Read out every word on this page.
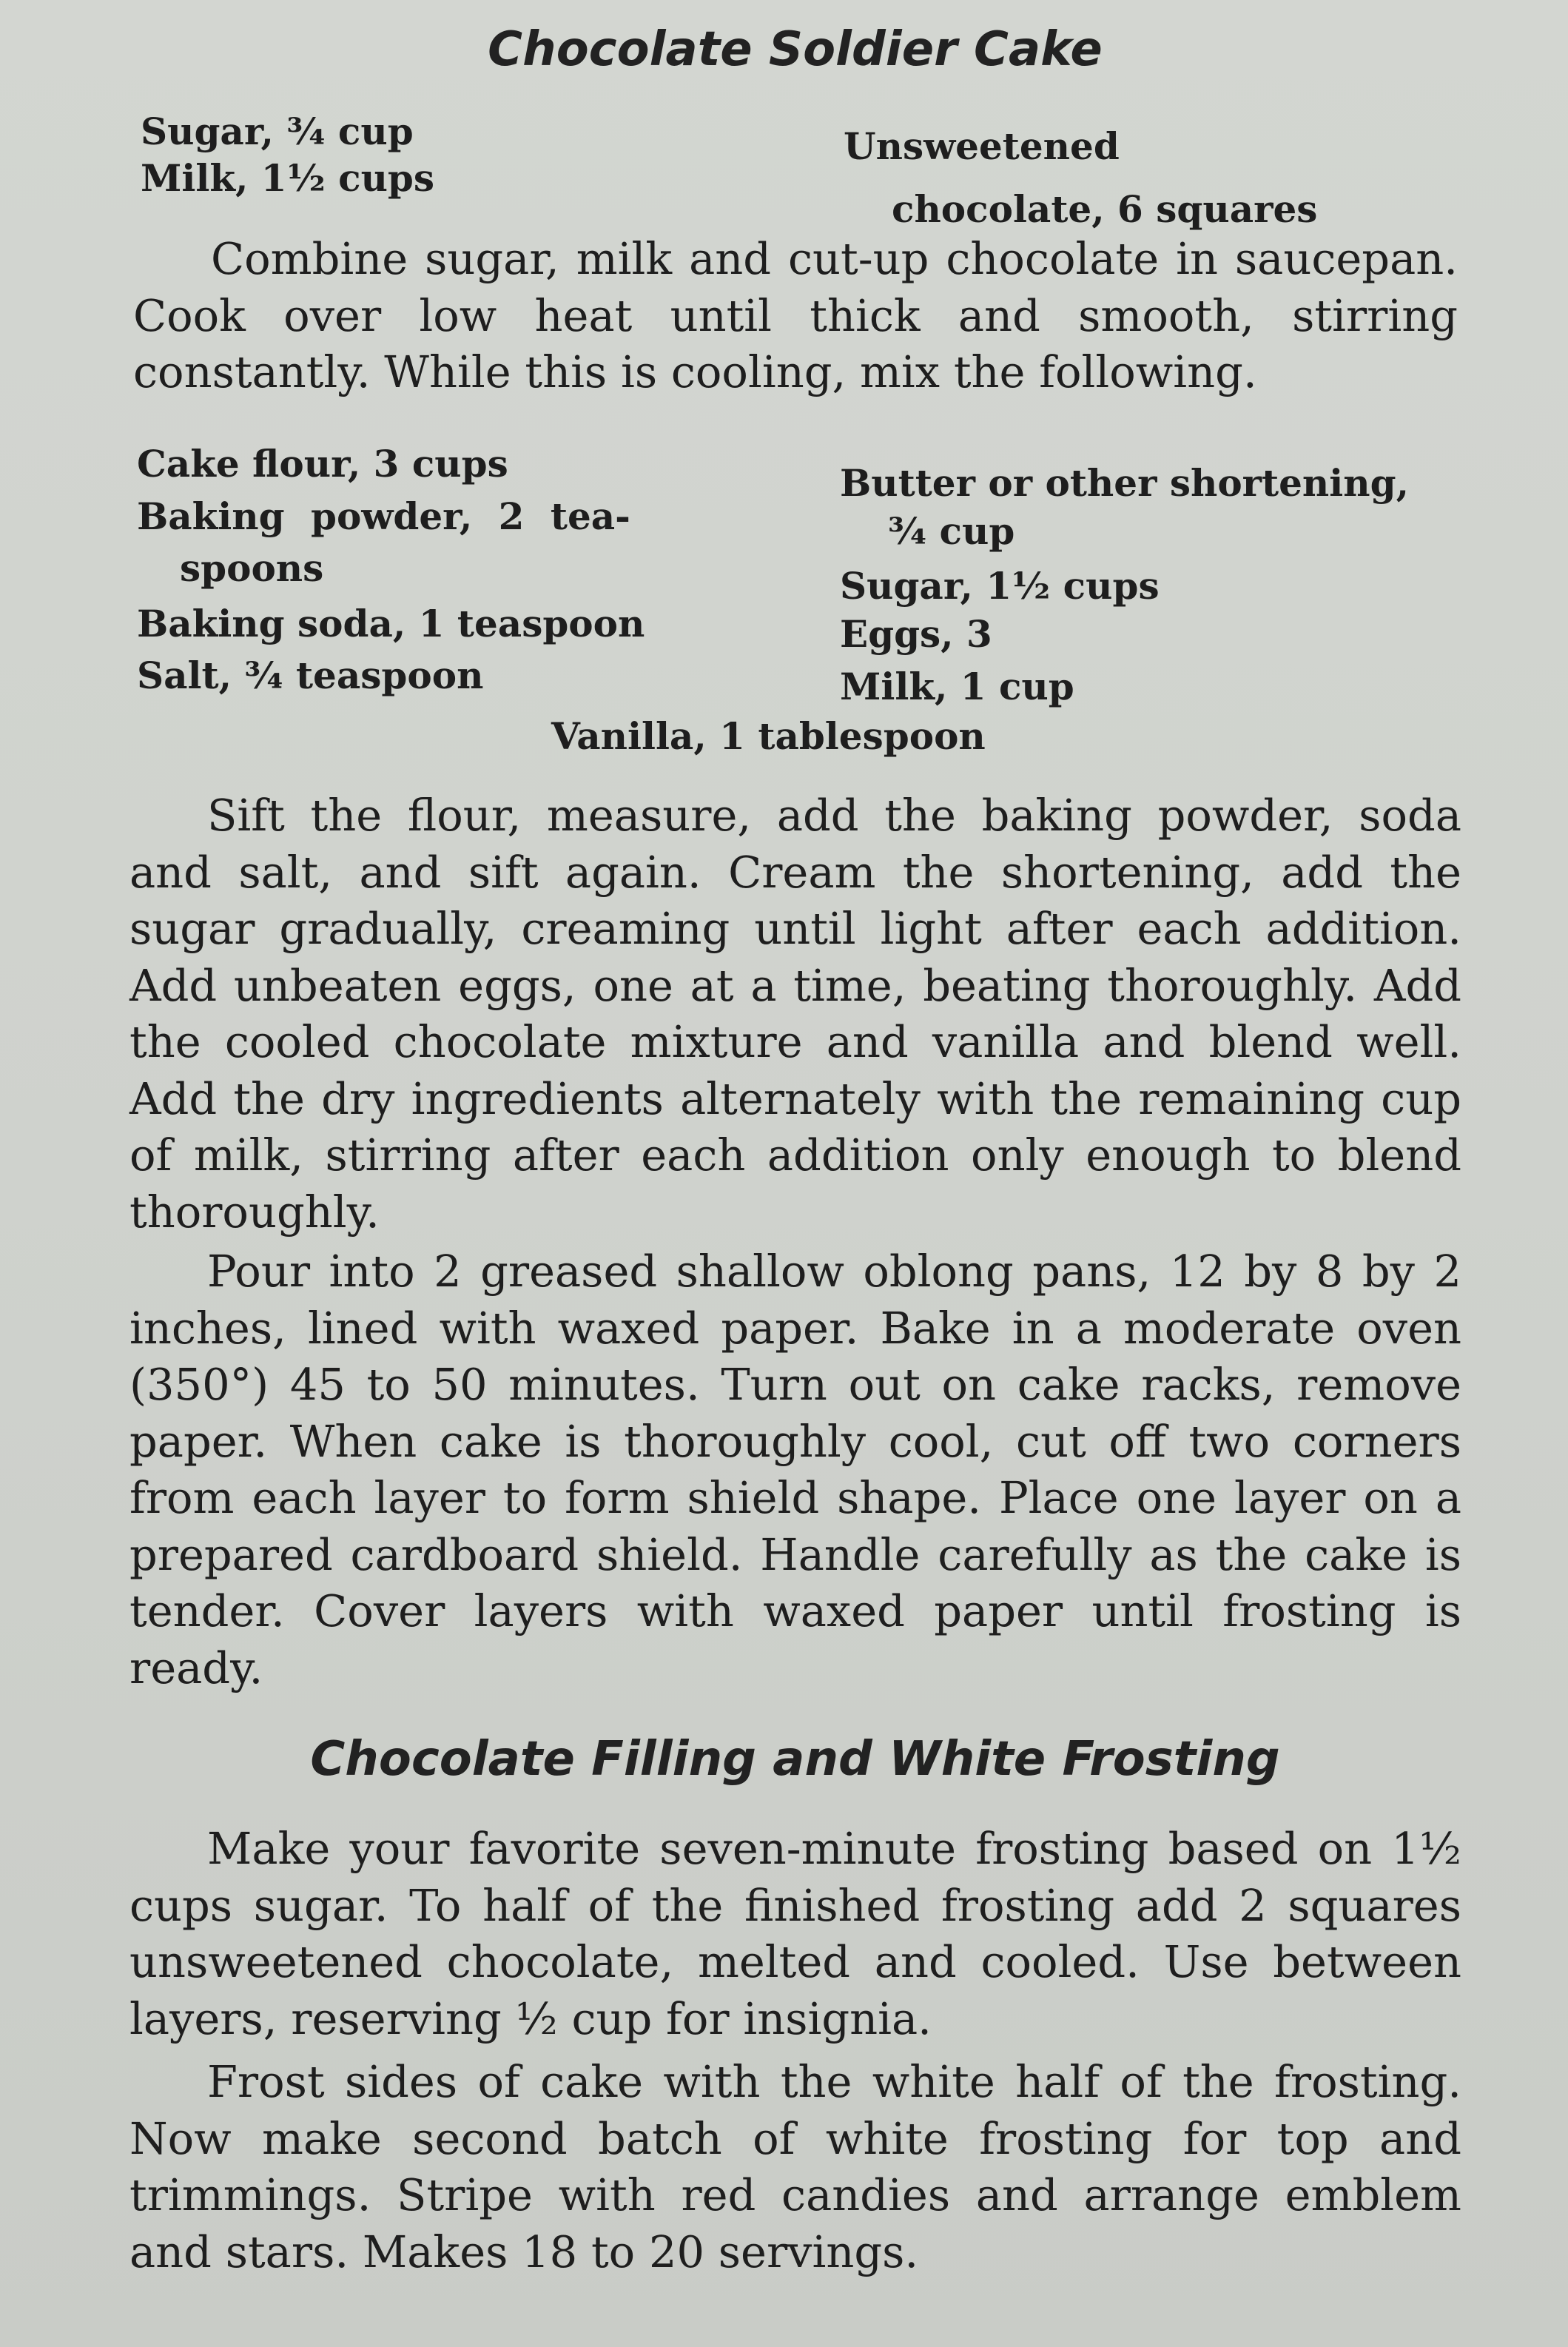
Chocolate Soldier Cake
Sugar, ¾ cup
Milk, 1½ cups
Unsweetened
chocolate, 6 squares
Combine sugar, milk and cut-up chocolate in saucepan. Cook over low heat until thick and smooth, stirring constantly. While this is cooling, mix the following.
Cake flour, 3 cups
Baking powder, 2 tea-
spoons
Baking soda, 1 teaspoon
Salt, ¾ teaspoon
Butter or other shortening,
¾ cup
Sugar, 1½ cups
Eggs, 3
Milk, 1 cup
Vanilla, 1 tablespoon
Sift the flour, measure, add the baking powder, soda and salt, and sift again. Cream the shortening, add the sugar gradually, creaming until light after each addition. Add unbeaten eggs, one at a time, beating thoroughly. Add the cooled chocolate mixture and vanilla and blend well. Add the dry ingredients alternately with the remaining cup of milk, stirring after each addition only enough to blend thoroughly.
Pour into 2 greased shallow oblong pans, 12 by 8 by 2 inches, lined with waxed paper. Bake in a moderate oven (350°) 45 to 50 minutes. Turn out on cake racks, remove paper. When cake is thoroughly cool, cut off two corners from each layer to form shield shape. Place one layer on a prepared cardboard shield. Handle carefully as the cake is tender. Cover layers with waxed paper until frosting is ready.
Chocolate Filling and White Frosting
Make your favorite seven-minute frosting based on 1½ cups sugar. To half of the finished frosting add 2 squares unsweetened chocolate, melted and cooled. Use between layers, reserving ½ cup for insignia.
Frost sides of cake with the white half of the frosting. Now make second batch of white frosting for top and trimmings. Stripe with red candies and arrange emblem and stars. Makes 18 to 20 servings.
